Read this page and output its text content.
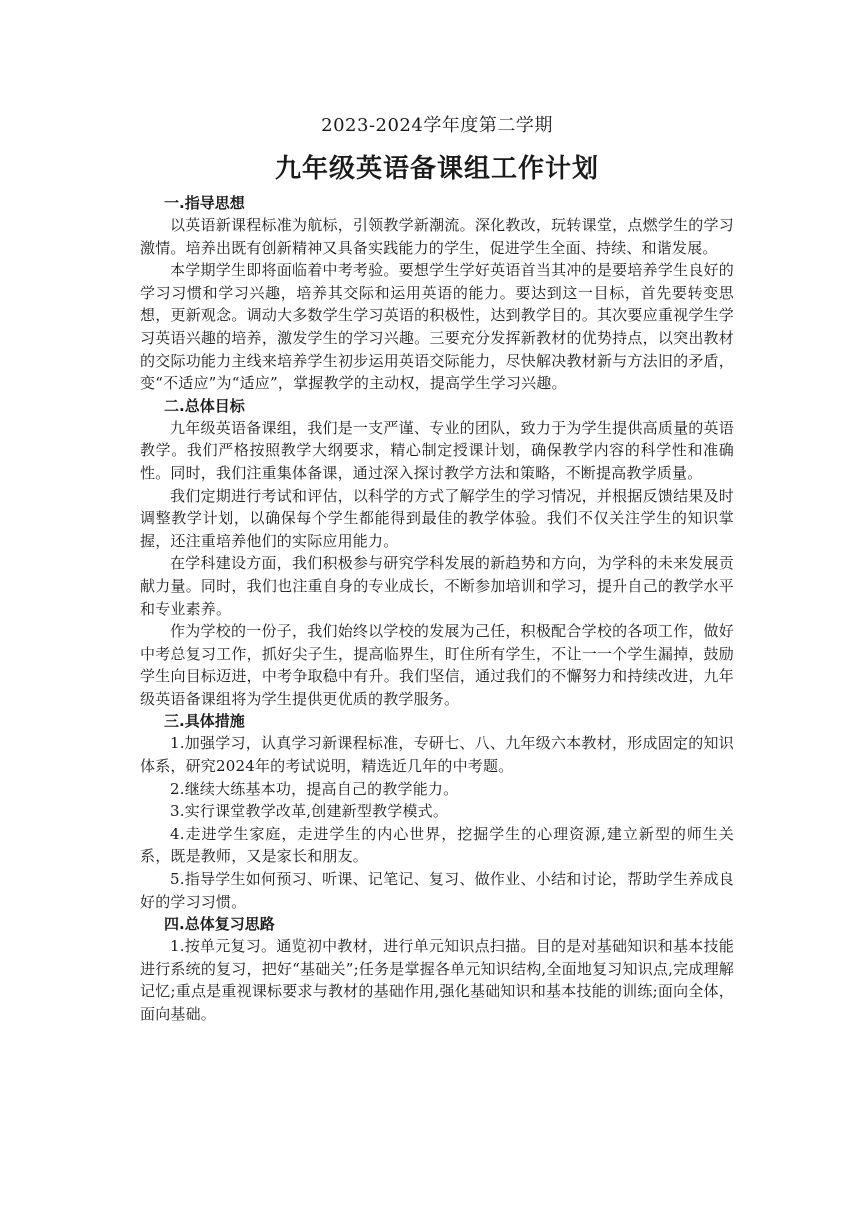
2023-2024学年度第二学期
九年级英语备课组工作计划
一.指导思想

以英语新课程标准为航标，引领教学新潮流。深化教改，玩转课堂，点燃学生的学习激情。培养出既有创新精神又具备实践能力的学生，促进学生全面、持续、和谐发展。

本学期学生即将面临着中考考验。要想学生学好英语首当其冲的是要培养学生良好的学习习惯和学习兴趣，培养其交际和运用英语的能力。要达到这一目标，首先要转变思想，更新观念。调动大多数学生学习英语的积极性，达到教学目的。其次要应重视学生学习英语兴趣的培养，激发学生的学习兴趣。三要充分发挥新教材的优势持点，以突出教材的交际功能力主线来培养学生初步运用英语交际能力，尽快解决教材新与方法旧的矛盾，变“不适应”为“适应”，掌握教学的主动权，提高学生学习兴趣。

二.总体目标

九年级英语备课组，我们是一支严谨、专业的团队，致力于为学生提供高质量的英语教学。我们严格按照教学大纲要求，精心制定授课计划，确保教学内容的科学性和准确性。同时，我们注重集体备课，通过深入探讨教学方法和策略，不断提高教学质量。

我们定期进行考试和评估，以科学的方式了解学生的学习情况，并根据反馈结果及时调整教学计划，以确保每个学生都能得到最佳的教学体验。我们不仅关注学生的知识掌握，还注重培养他们的实际应用能力。

在学科建设方面，我们积极参与研究学科发展的新趋势和方向，为学科的未来发展贡献力量。同时，我们也注重自身的专业成长，不断参加培训和学习，提升自己的教学水平和专业素养。

作为学校的一份子，我们始终以学校的发展为己任，积极配合学校的各项工作，做好中考总复习工作，抓好尖子生，提高临界生，盯住所有学生，不让一一个学生漏掉，鼓励学生向目标迈进，中考争取稳中有升。我们坚信，通过我们的不懈努力和持续改进，九年级英语备课组将为学生提供更优质的教学服务。

三.具体措施

1.加强学习，认真学习新课程标准，专研七、八、九年级六本教材，形成固定的知识体系，研究2024年的考试说明，精选近几年的中考题。

2.继续大练基本功，提高自己的教学能力。

3.实行课堂教学改革,创建新型教学模式。

4.走进学生家庭，走进学生的内心世界，挖掘学生的心理资源,建立新型的师生关系，既是教师，又是家长和朋友。

5.指导学生如何预习、听课、记笔记、复习、做作业、小结和讨论，帮助学生养成良好的学习习惯。

四.总体复习思路

1.按单元复习。通览初中教材，进行单元知识点扫描。目的是对基础知识和基本技能进行系统的复习，把好“基础关”;任务是掌握各单元知识结构,全面地复习知识点,完成理解记忆;重点是重视课标要求与教材的基础作用,强化基础知识和基本技能的训练;面向全体，面向基础。
